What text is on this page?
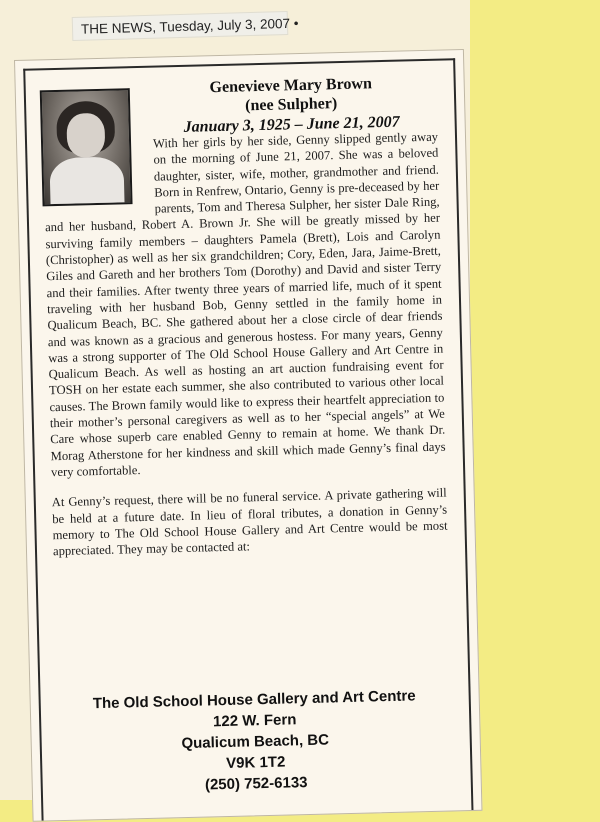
THE NEWS, Tuesday, July 3, 2007 •
Genevieve Mary Brown
(nee Sulpher)
January 3, 1925 – June 21, 2007
With her girls by her side, Genny slipped gently away on the morning of June 21, 2007. She was a beloved daughter, sister, wife, mother, grandmother and friend. Born in Renfrew, Ontario, Genny is pre-deceased by her parents, Tom and Theresa Sulpher, her sister Dale Ring, and her husband, Robert A. Brown Jr. She will be greatly missed by her surviving family members – daughters Pamela (Brett), Lois and Carolyn (Christopher) as well as her six grandchildren; Cory, Eden, Jara, Jaime-Brett, Giles and Gareth and her brothers Tom (Dorothy) and David and sister Terry and their families. After twenty three years of married life, much of it spent traveling with her husband Bob, Genny settled in the family home in Qualicum Beach, BC. She gathered about her a close circle of dear friends and was known as a gracious and generous hostess. For many years, Genny was a strong supporter of The Old School House Gallery and Art Centre in Qualicum Beach. As well as hosting an art auction fundraising event for TOSH on her estate each summer, she also contributed to various other local causes. The Brown family would like to express their heartfelt appreciation to their mother’s personal caregivers as well as to her “special angels” at We Care whose superb care enabled Genny to remain at home. We thank Dr. Morag Atherstone for her kindness and skill which made Genny’s final days very comfortable.
At Genny’s request, there will be no funeral service. A private gathering will be held at a future date. In lieu of floral tributes, a donation in Genny’s memory to The Old School House Gallery and Art Centre would be most appreciated. They may be contacted at:
The Old School House Gallery and Art Centre
122 W. Fern
Qualicum Beach, BC
V9K 1T2
(250) 752-6133
